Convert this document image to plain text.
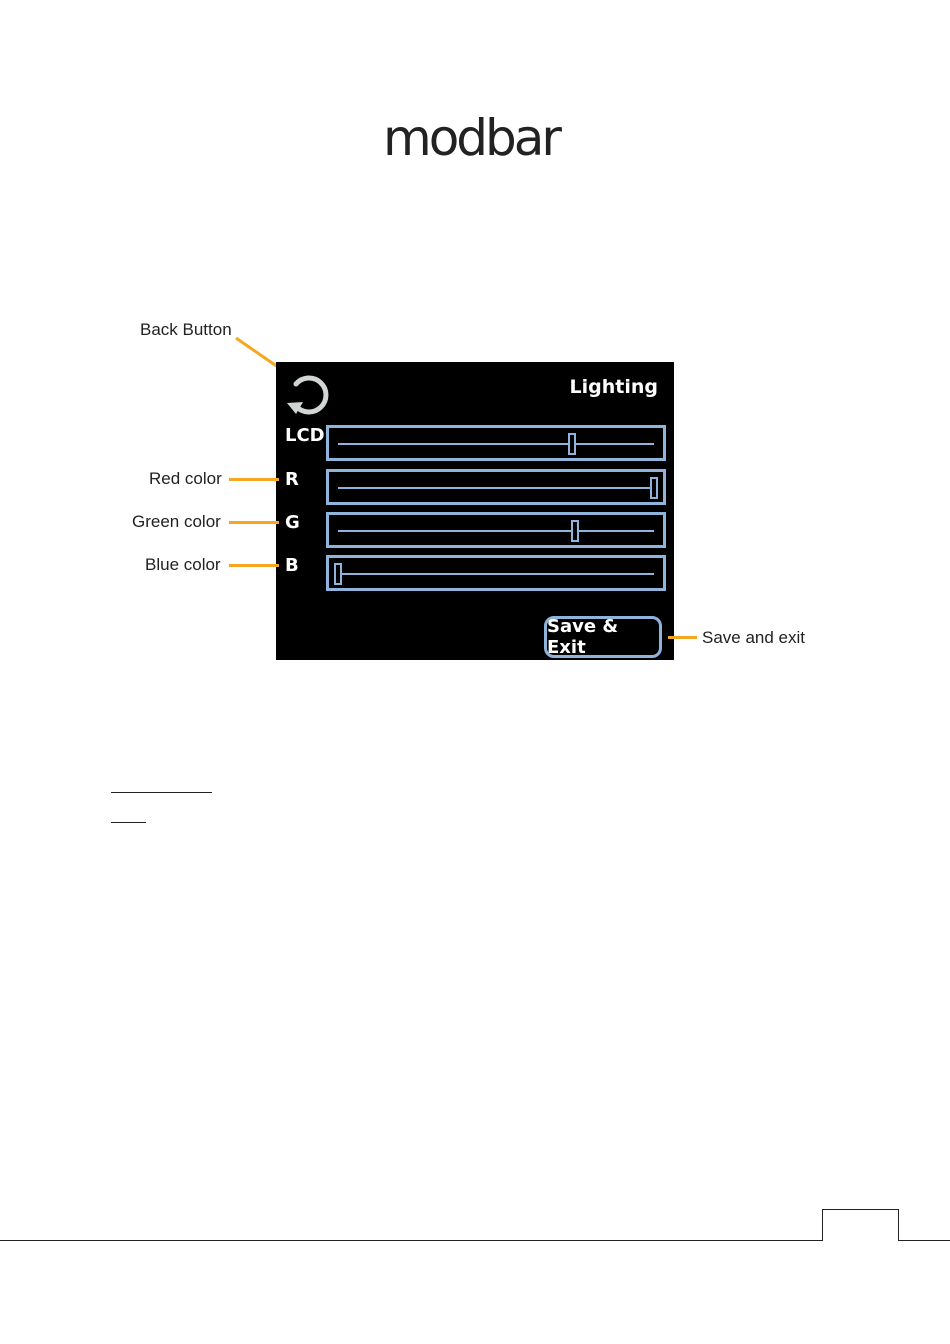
modbar
Back Button
Lighting
LCD
R
G
B
Save & Exit
Red color
Green color
Blue color
Save and exit
